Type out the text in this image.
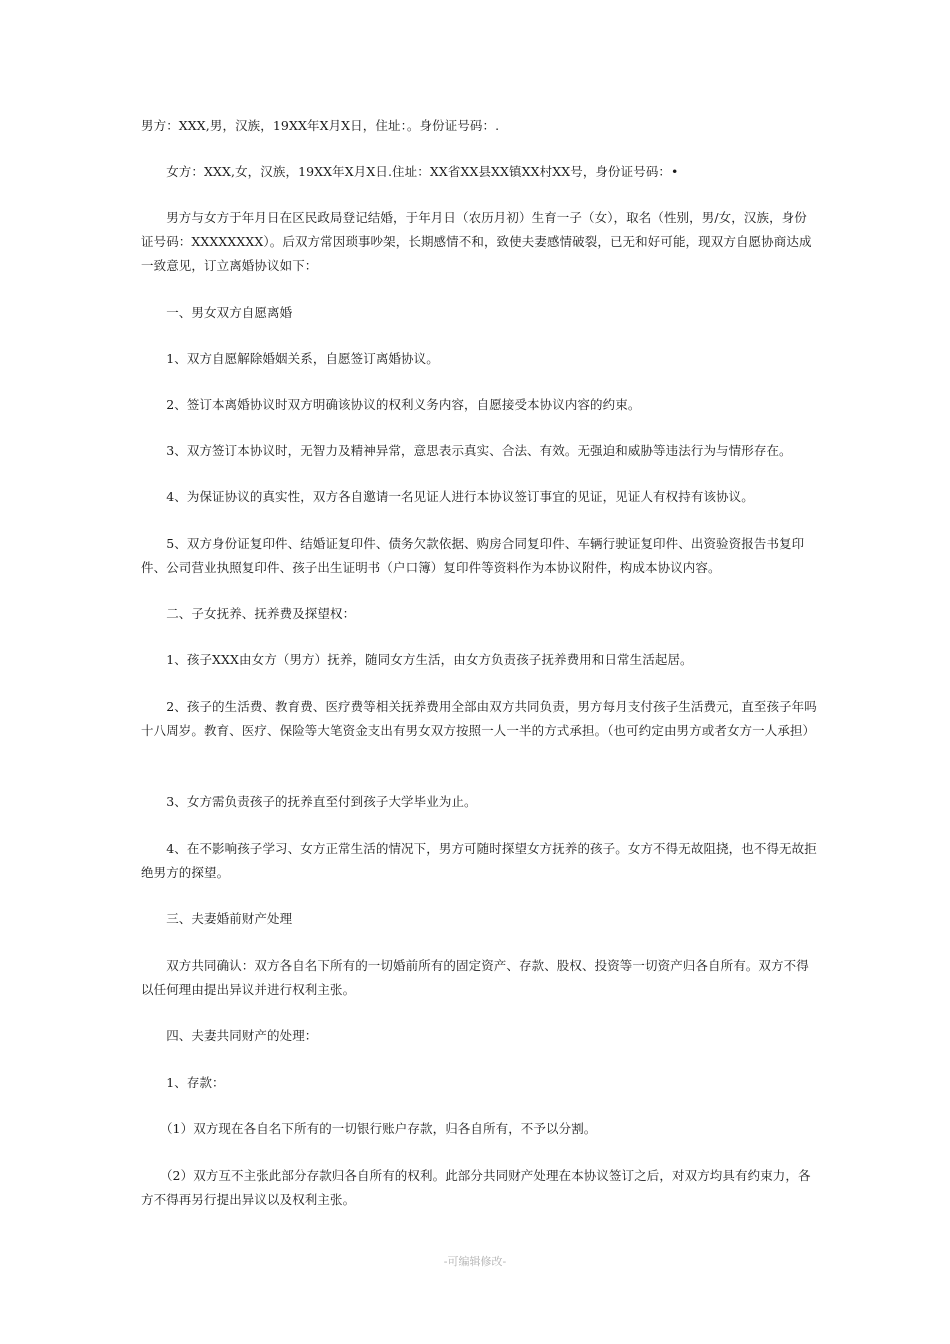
男方：XXX,男，汉族，19XX年X月X日，住址：。身份证号码：.

　　女方：XXX,女，汉族，19XX年X月X日.住址：XX省XX县XX镇XX村XX号，身份证号码：•

　　男方与女方于年月日在区民政局登记结婚，于年月日（农历月初）生育一子（女），取名（性别，男/女，汉族，身份证号码：XXXXXXXX）。后双方常因琐事吵架，长期感情不和，致使夫妻感情破裂，已无和好可能，现双方自愿协商达成一致意见，订立离婚协议如下：

　　一、男女双方自愿离婚

　　1、双方自愿解除婚姻关系，自愿签订离婚协议。

　　2、签订本离婚协议时双方明确该协议的权利义务内容，自愿接受本协议内容的约束。

　　3、双方签订本协议时，无智力及精神异常，意思表示真实、合法、有效。无强迫和威胁等违法行为与情形存在。

　　4、为保证协议的真实性，双方各自邀请一名见证人进行本协议签订事宜的见证，见证人有权持有该协议。

　　5、双方身份证复印件、结婚证复印件、债务欠款依据、购房合同复印件、车辆行驶证复印件、出资验资报告书复印件、公司营业执照复印件、孩子出生证明书（户口簿）复印件等资料作为本协议附件，构成本协议内容。

　　二、子女抚养、抚养费及探望权：

　　1、孩子XXX由女方（男方）抚养，随同女方生活，由女方负责孩子抚养费用和日常生活起居。

　　2、孩子的生活费、教育费、医疗费等相关抚养费用全部由双方共同负责，男方每月支付孩子生活费元，直至孩子年吗十八周岁。教育、医疗、保险等大笔资金支出有男女双方按照一人一半的方式承担。（也可约定由男方或者女方一人承担）

　　3、女方需负责孩子的抚养直至付到孩子大学毕业为止。

　　4、在不影响孩子学习、女方正常生活的情况下，男方可随时探望女方抚养的孩子。女方不得无故阻挠，也不得无故拒绝男方的探望。

　　三、夫妻婚前财产处理

　　双方共同确认：双方各自名下所有的一切婚前所有的固定资产、存款、股权、投资等一切资产归各自所有。双方不得以任何理由提出异议并进行权利主张。

　　四、夫妻共同财产的处理：

　　1、存款：

　　（1）双方现在各自名下所有的一切银行账户存款，归各自所有，不予以分割。

　　（2）双方互不主张此部分存款归各自所有的权利。此部分共同财产处理在本协议签订之后，对双方均具有约束力，各方不得再另行提出异议以及权利主张。

-可编辑修改-
